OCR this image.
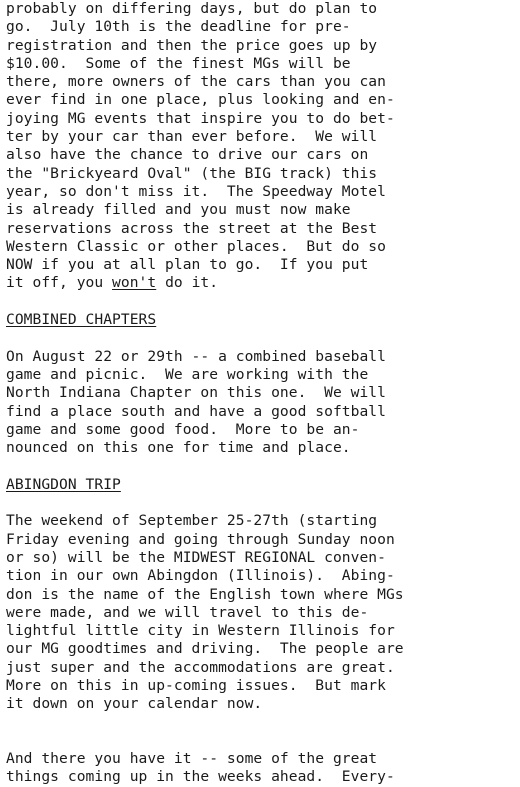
probably on differing days, but do plan to
go.  July 10th is the deadline for pre-
registration and then the price goes up by
$10.00.  Some of the finest MGs will be
there, more owners of the cars than you can
ever find in one place, plus looking and en-
joying MG events that inspire you to do bet-
ter by your car than ever before.  We will
also have the chance to drive our cars on
the "Brickyeard Oval" (the BIG track) this
year, so don't miss it.  The Speedway Motel
is already filled and you must now make
reservations across the street at the Best
Western Classic or other places.  But do so
NOW if you at all plan to go.  If you put
it off, you won't do it.
COMBINED CHAPTERS
On August 22 or 29th -- a combined baseball
game and picnic.  We are working with the
North Indiana Chapter on this one.  We will
find a place south and have a good softball
game and some good food.  More to be an-
nounced on this one for time and place.
ABINGDON TRIP
The weekend of September 25-27th (starting
Friday evening and going through Sunday noon
or so) will be the MIDWEST REGIONAL conven-
tion in our own Abingdon (Illinois).  Abing-
don is the name of the English town where MGs
were made, and we will travel to this de-
lightful little city in Western Illinois for
our MG goodtimes and driving.  The people are
just super and the accommodations are great.
More on this in up-coming issues.  But mark
it down on your calendar now.
And there you have it -- some of the great
things coming up in the weeks ahead.  Every-
